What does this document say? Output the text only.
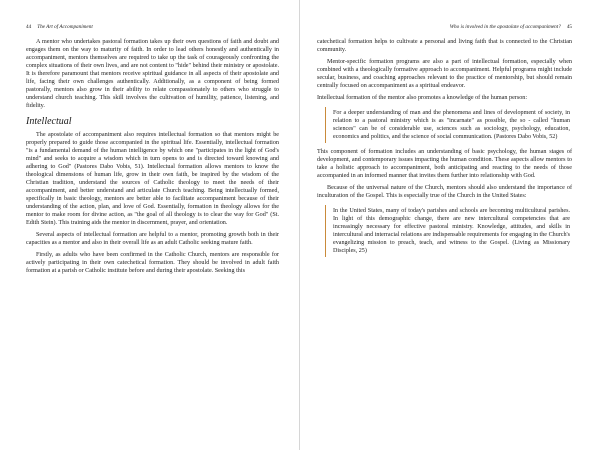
44 The Art of Accompaniment

A mentor who undertakes pastoral formation takes up their own questions of faith and doubt and engages them on the way to maturity of faith. In order to lead others honestly and authentically in accompaniment, mentors themselves are required to take up the task of courageously confronting the complex situations of their own lives, and are not content to "hide" behind their ministry or apostolate. It is therefore paramount that mentors receive spiritual guidance in all aspects of their apostolate and life, facing their own challenges authentically. Additionally, as a component of being formed pastorally, mentors also grow in their ability to relate compassionately to others who struggle to understand church teaching. This skill involves the cultivation of humility, patience, listening, and fidelity.

Intellectual

The apostolate of accompaniment also requires intellectual formation so that mentors might be properly prepared to guide those accompanied in the spiritual life. Essentially, intellectual formation "is a fundamental demand of the human intelligence by which one "participates in the light of God's mind" and seeks to acquire a wisdom which in turn opens to and is directed toward knowing and adhering to God" (Pastores Dabo Vobis, 51). Intellectual formation allows mentors to know the theological dimensions of human life, grow in their own faith, be inspired by the wisdom of the Christian tradition, understand the sources of Catholic theology to meet the needs of their accompaniment, and better understand and articulate Church teaching. Being intellectually formed, specifically in basic theology, mentors are better able to facilitate accompaniment because of their understanding of the action, plan, and love of God. Essentially, formation in theology allows for the mentor to make room for divine action, as "the goal of all theology is to clear the way for God" (St. Edith Stein). This training aids the mentor in discernment, prayer, and orientation.

Several aspects of intellectual formation are helpful to a mentor, promoting growth both in their capacities as a mentor and also in their overall life as an adult Catholic seeking mature faith.

Firstly, as adults who have been confirmed in the Catholic Church, mentors are responsible for actively participating in their own catechetical formation. They should be involved in adult faith formation at a parish or Catholic institute before and during their apostolate. Seeking this

Who is involved in the apostolate of accompaniment? 45

catechetical formation helps to cultivate a personal and living faith that is connected to the Christian community.

Mentor-specific formation programs are also a part of intellectual formation, especially when combined with a theologically formative approach to accompaniment. Helpful programs might include secular, business, and coaching approaches relevant to the practice of mentorship, but should remain centrally focused on accompaniment as a spiritual endeavor.

Intellectual formation of the mentor also promotes a knowledge of the human person:

For a deeper understanding of man and the phenomena and lines of development of society, in relation to a pastoral ministry which is as "incarnate" as possible, the so - called "human sciences" can be of considerable use, sciences such as sociology, psychology, education, economics and politics, and the science of social communication. (Pastores Dabo Vobis, 52)

This component of formation includes an understanding of basic psychology, the human stages of development, and contemporary issues impacting the human condition. These aspects allow mentors to take a holistic approach to accompaniment, both anticipating and reacting to the needs of those accompanied in an informed manner that invites them further into relationship with God.

Because of the universal nature of the Church, mentors should also understand the importance of inculturation of the Gospel. This is especially true of the Church in the United States:

In the United States, many of today's parishes and schools are becoming multicultural parishes. In light of this demographic change, there are new intercultural competencies that are increasingly necessary for effective pastoral ministry. Knowledge, attitudes, and skills in intercultural and interracial relations are indispensable requirements for engaging in the Church's evangelizing mission to preach, teach, and witness to the Gospel. (Living as Missionary Disciples, 25)
